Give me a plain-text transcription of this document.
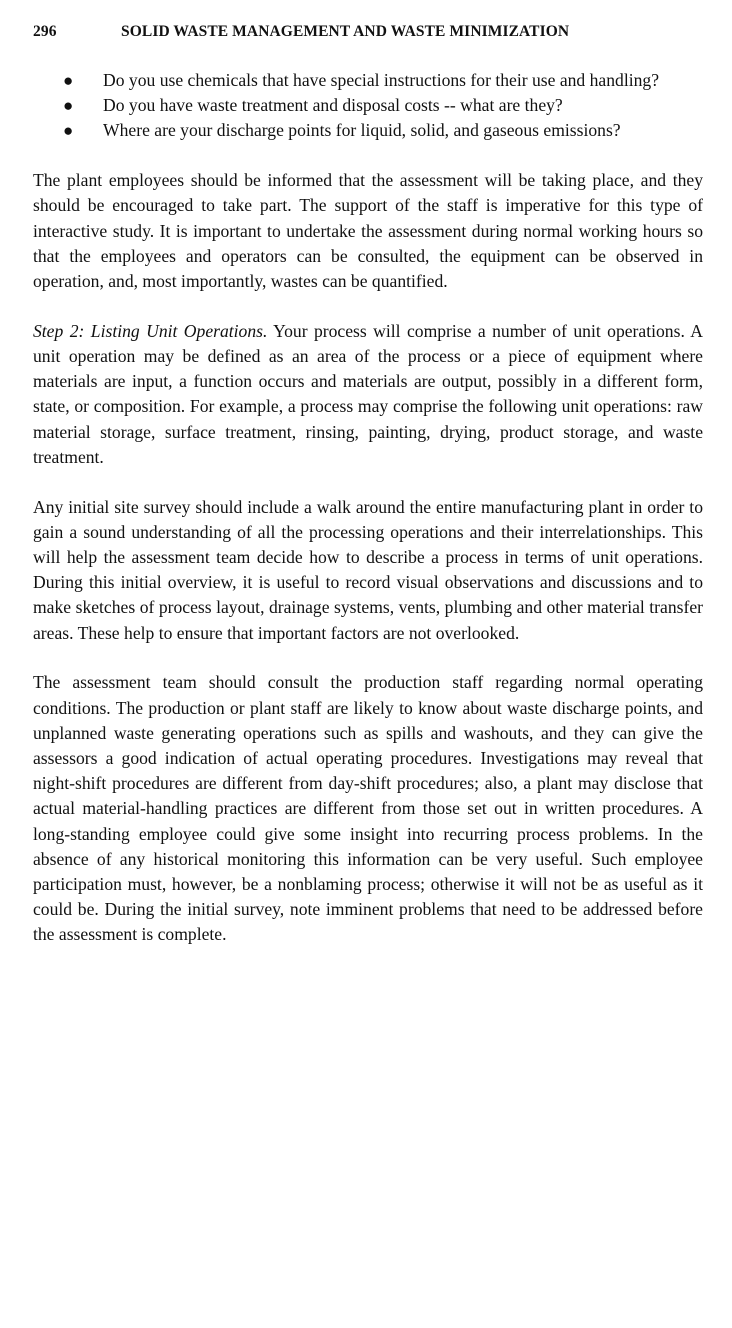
296	SOLID WASTE MANAGEMENT AND WASTE MINIMIZATION
● Do you use chemicals that have special instructions for their use and handling?
● Do you have waste treatment and disposal costs -- what are they?
● Where are your discharge points for liquid, solid, and gaseous emissions?

The plant employees should be informed that the assessment will be taking place, and they should be encouraged to take part. The support of the staff is imperative for this type of interactive study. It is important to undertake the assessment during normal working hours so that the employees and operators can be consulted, the equipment can be observed in operation, and, most importantly, wastes can be quantified.

Step 2: Listing Unit Operations. Your process will comprise a number of unit operations. A unit operation may be defined as an area of the process or a piece of equipment where materials are input, a function occurs and materials are output, possibly in a different form, state, or composition. For example, a process may comprise the following unit operations: raw material storage, surface treatment, rinsing, painting, drying, product storage, and waste treatment.

Any initial site survey should include a walk around the entire manufacturing plant in order to gain a sound understanding of all the processing operations and their interrelationships. This will help the assessment team decide how to describe a process in terms of unit operations. During this initial overview, it is useful to record visual observations and discussions and to make sketches of process layout, drainage systems, vents, plumbing and other material transfer areas. These help to ensure that important factors are not overlooked.

The assessment team should consult the production staff regarding normal operating conditions. The production or plant staff are likely to know about waste discharge points, and unplanned waste generating operations such as spills and washouts, and they can give the assessors a good indication of actual operating procedures. Investigations may reveal that night-shift procedures are different from day-shift procedures; also, a plant may disclose that actual material-handling practices are different from those set out in written procedures. A long-standing employee could give some insight into recurring process problems. In the absence of any historical monitoring this information can be very useful. Such employee participation must, however, be a nonblaming process; otherwise it will not be as useful as it could be. During the initial survey, note imminent problems that need to be addressed before the assessment is complete.
